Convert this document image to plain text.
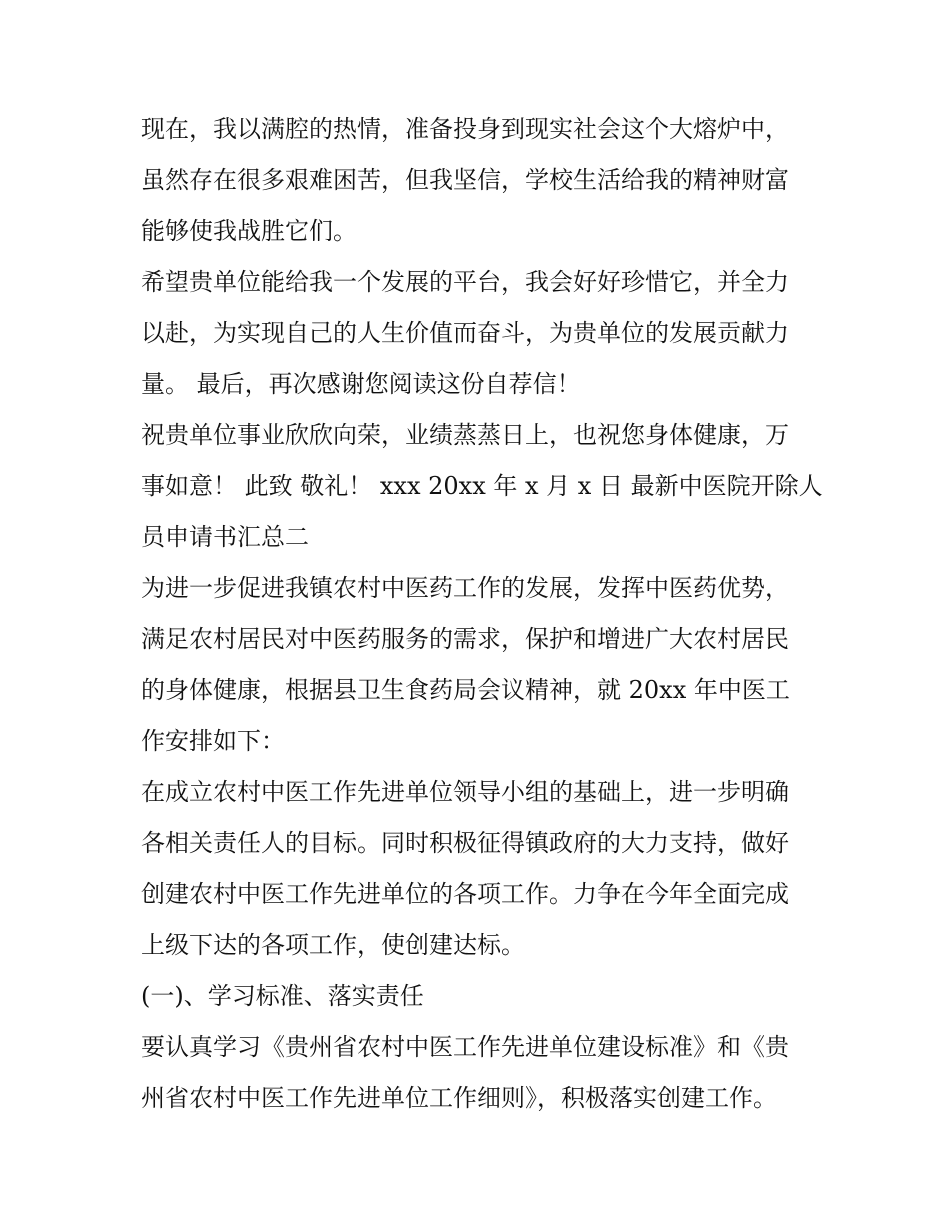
现在，我以满腔的热情，准备投身到现实社会这个大熔炉中，
虽然存在很多艰难困苦，但我坚信，学校生活给我的精神财富
能够使我战胜它们。
希望贵单位能给我一个发展的平台，我会好好珍惜它，并全力
以赴，为实现自己的人生价值而奋斗，为贵单位的发展贡献力
量。 最后，再次感谢您阅读这份自荐信！
祝贵单位事业欣欣向荣，业绩蒸蒸日上，也祝您身体健康，万
事如意！ 此致 敬礼！ xxx 20xx 年 x 月 x 日 最新中医院开除人
员申请书汇总二
为进一步促进我镇农村中医药工作的发展，发挥中医药优势，
满足农村居民对中医药服务的需求，保护和增进广大农村居民
的身体健康，根据县卫生食药局会议精神，就 20xx 年中医工
作安排如下：
在成立农村中医工作先进单位领导小组的基础上，进一步明确
各相关责任人的目标。同时积极征得镇政府的大力支持，做好
创建农村中医工作先进单位的各项工作。力争在今年全面完成
上级下达的各项工作，使创建达标。
(一)、学习标准、落实责任
要认真学习《贵州省农村中医工作先进单位建设标准》和《贵
州省农村中医工作先进单位工作细则》，积极落实创建工作。
